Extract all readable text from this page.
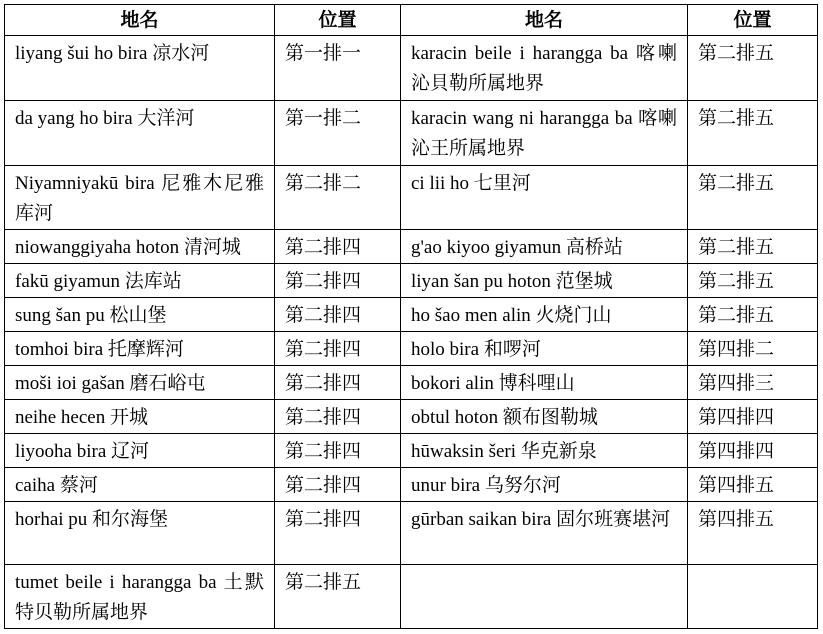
地名	位置	地名	位置
liyang šui ho bira 凉水河	第一排一	karacin beile i harangga ba 喀喇沁貝勒所属地界	第二排五
da yang ho bira 大洋河	第一排二	karacin wang ni harangga ba 喀喇沁王所属地界	第二排五
Niyamniyakū bira 尼雅木尼雅库河	第二排二	ci lii ho 七里河	第二排五
niowanggiyaha hoton 清河城	第二排四	g'ao kiyoo giyamun 高桥站	第二排五
fakū giyamun 法库站	第二排四	liyan šan pu hoton 范堡城	第二排五
sung šan pu 松山堡	第二排四	ho šao men alin 火烧门山	第二排五
tomhoi bira 托摩辉河	第二排四	holo bira 和啰河	第四排二
moši ioi gašan 磨石峪屯	第二排四	bokori alin 博科哩山	第四排三
neihe hecen 开城	第二排四	obtul hoton 额布图勒城	第四排四
liyooha bira 辽河	第二排四	hūwaksin šeri 华克新泉	第四排四
caiha 蔡河	第二排四	unur bira 乌努尔河	第四排五
horhai pu 和尔海堡	第二排四	gūrban saikan bira 固尔班赛堪河	第四排五
tumet beile i harangga ba 土默特贝勒所属地界	第二排五		
